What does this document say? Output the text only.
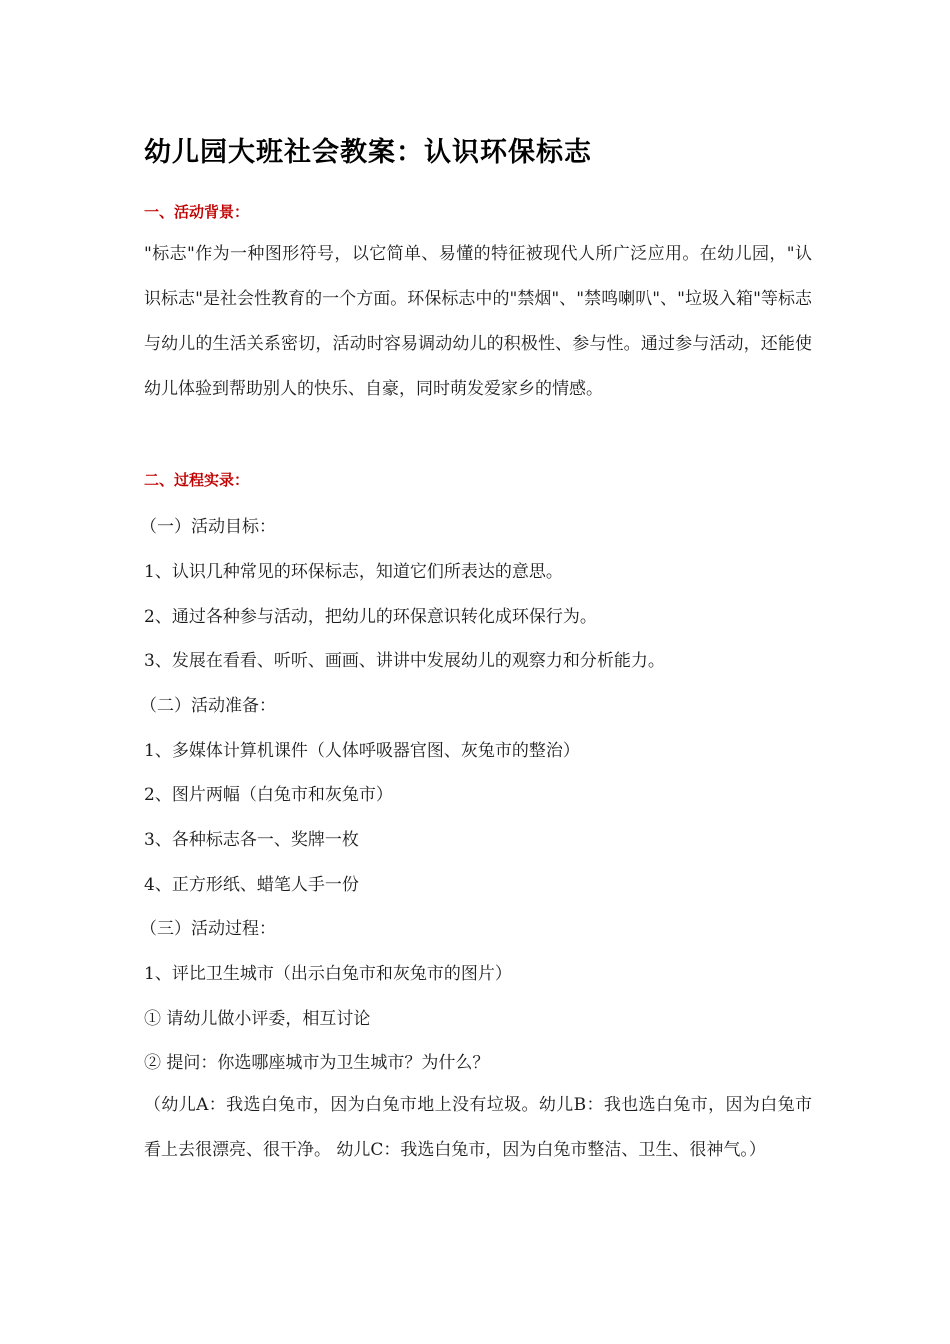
幼儿园大班社会教案：认识环保标志
一、活动背景：
"标志"作为一种图形符号，以它简单、易懂的特征被现代人所广泛应用。在幼儿园，"认识标志"是社会性教育的一个方面。环保标志中的"禁烟"、"禁鸣喇叭"、"垃圾入箱"等标志与幼儿的生活关系密切，活动时容易调动幼儿的积极性、参与性。通过参与活动，还能使幼儿体验到帮助别人的快乐、自豪，同时萌发爱家乡的情感。
二、过程实录：
（一）活动目标：
1、认识几种常见的环保标志，知道它们所表达的意思。
2、通过各种参与活动，把幼儿的环保意识转化成环保行为。
3、发展在看看、听听、画画、讲讲中发展幼儿的观察力和分析能力。
（二）活动准备：
1、多媒体计算机课件（人体呼吸器官图、灰兔市的整治）
2、图片两幅（白兔市和灰兔市）
3、各种标志各一、奖牌一枚
4、正方形纸、蜡笔人手一份
（三）活动过程：
1、评比卫生城市（出示白兔市和灰兔市的图片）
① 请幼儿做小评委，相互讨论
② 提问：你选哪座城市为卫生城市？为什么？
（幼儿A：我选白兔市，因为白兔市地上没有垃圾。幼儿B：我也选白兔市，因为白兔市看上去很漂亮、很干净。 幼儿C：我选白兔市，因为白兔市整洁、卫生、很神气。）
